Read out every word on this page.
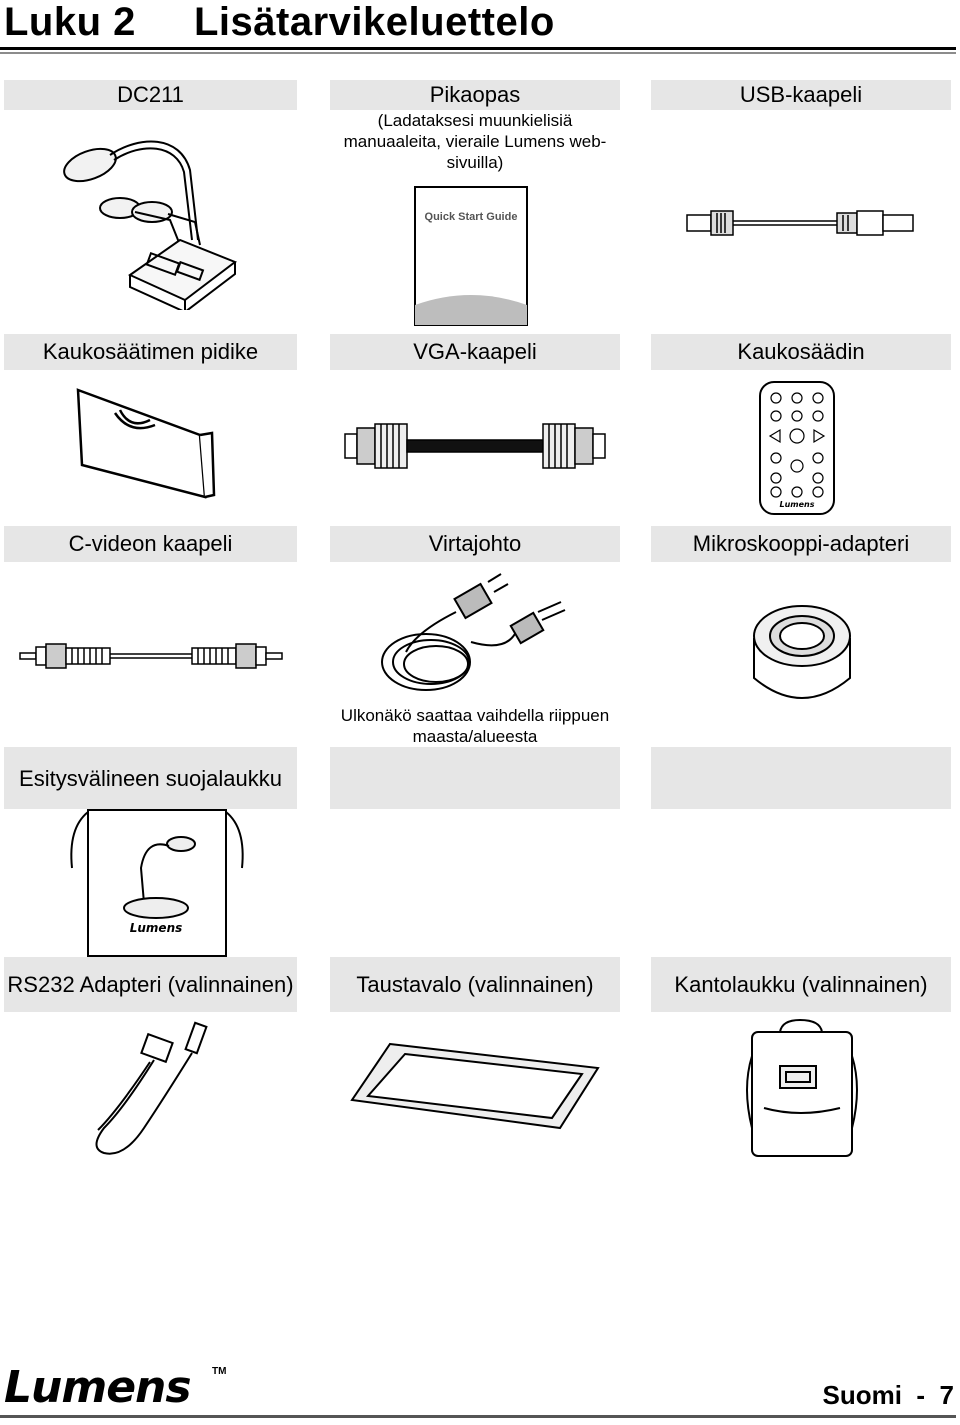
Luku 2 Lisätarvikeluettelo
DC211	Pikaopas
(Ladataksesi muunkielisiä manuaaleita, vieraile Lumens web-sivuilla)
USB-kaapeli
Quick Start Guide
Kaukosäätimen pidike	VGA-kaapeli	Kaukosäädin
Lumens
C-videon kaapeli	Virtajohto	Mikroskooppi-adapteri
Ulkonäkö saattaa vaihdella riippuen maasta/alueesta
Esitysvälineen suojalaukku
Lumens
RS232 Adapteri (valinnainen)	Taustavalo (valinnainen)	Kantolaukku (valinnainen)
Lumens TM
Suomi  -  7
